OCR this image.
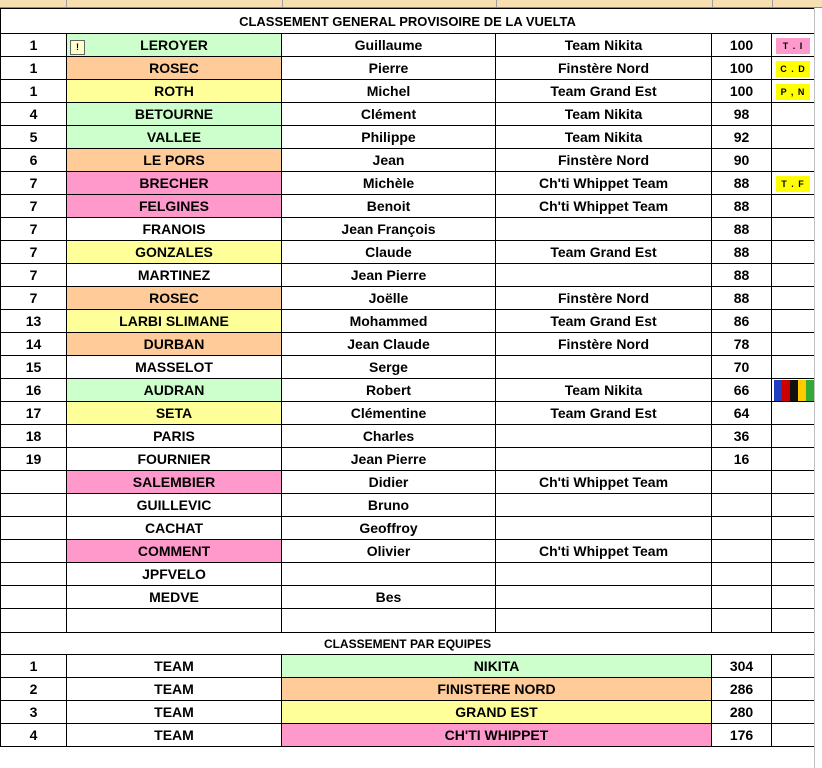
CLASSEMENT GENERAL PROVISOIRE DE LA VUELTA					
1	LEROYER	Guillaume	Team Nikita	100	T . I
1	ROSEC	Pierre	Finstère Nord	100	C . D
1	ROTH	Michel	Team Grand Est	100	P , N
4	BETOURNE	Clément	Team Nikita	98	
5	VALLEE	Philippe	Team Nikita	92	
6	LE PORS	Jean	Finstère Nord	90	
7	BRECHER	Michèle	Ch'ti Whippet Team	88	T . F
7	FELGINES	Benoit	Ch'ti Whippet Team	88	
7	FRANOIS	Jean François		88	
7	GONZALES	Claude	Team Grand Est	88	
7	MARTINEZ	Jean Pierre		88	
7	ROSEC	Joëlle	Finstère Nord	88	
13	LARBI SLIMANE	Mohammed	Team Grand Est	86	
14	DURBAN	Jean Claude	Finstère Nord	78	
15	MASSELOT	Serge		70	
16	AUDRAN	Robert	Team Nikita	66	
17	SETA	Clémentine	Team Grand Est	64	
18	PARIS	Charles		36	
19	FOURNIER	Jean Pierre		16	
	SALEMBIER	Didier	Ch'ti Whippet Team		
	GUILLEVIC	Bruno			
	CACHAT	Geoffroy			
	COMMENT	Olivier	Ch'ti Whippet Team		
	JPFVELO				
	MEDVE	Bes			

CLASSEMENT PAR EQUIPES					
1	TEAM	NIKITA		304	
2	TEAM	FINISTERE NORD		286	
3	TEAM	GRAND EST		280	
4	TEAM	CH'TI WHIPPET		176	
!
